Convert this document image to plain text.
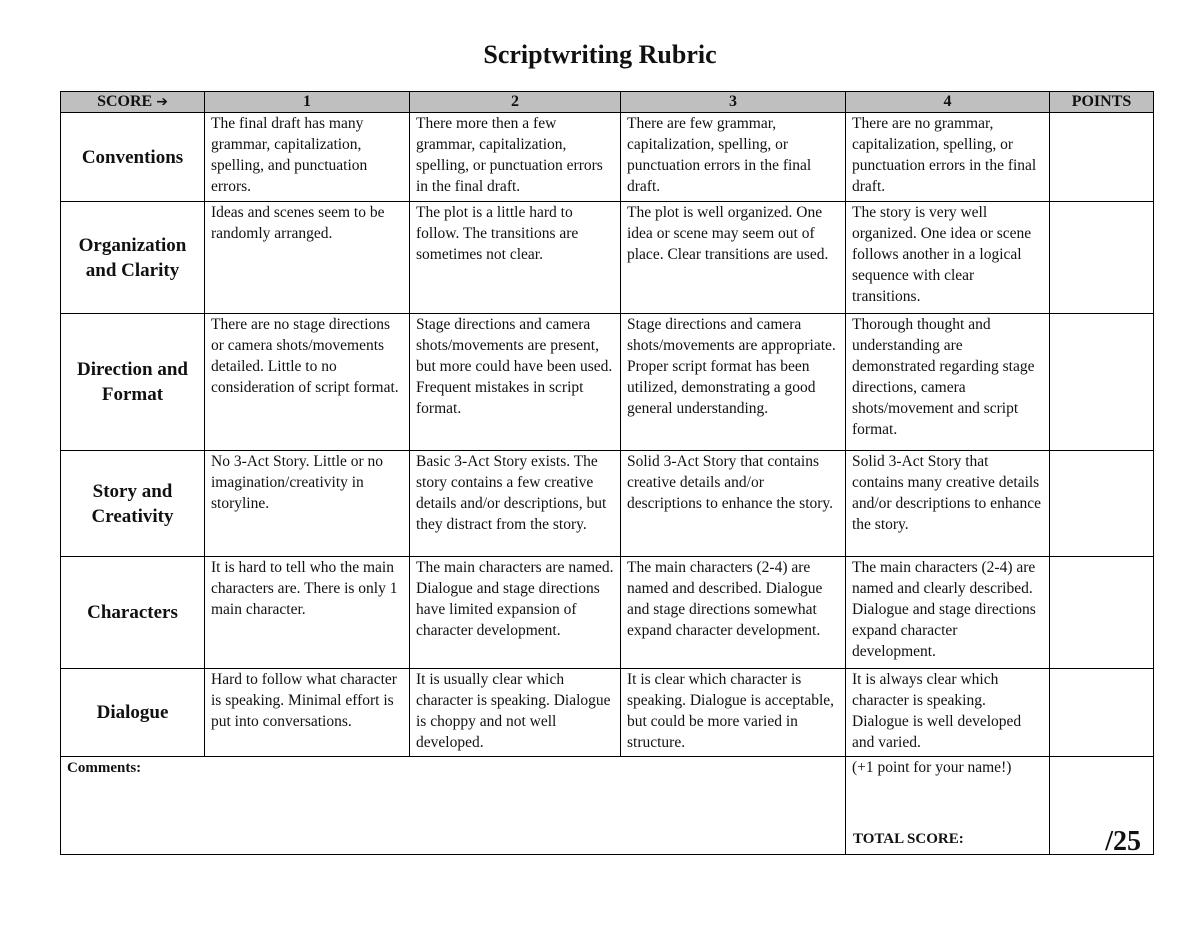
Scriptwriting Rubric
SCORE ➔	1	2	3	4	POINTS
Conventions	The final draft has many grammar, capitalization, spelling, and punctuation errors.	There more then a few grammar, capitalization, spelling, or punctuation errors in the final draft.	There are few grammar, capitalization, spelling, or punctuation errors in the final draft.	There are no grammar, capitalization, spelling, or punctuation errors in the final draft.	
Organization and Clarity	Ideas and scenes seem to be randomly arranged.	The plot is a little hard to follow. The transitions are sometimes not clear.	The plot is well organized. One idea or scene may seem out of place. Clear transitions are used.	The story is very well organized. One idea or scene follows another in a logical sequence with clear transitions.	
Direction and Format	There are no stage directions or camera shots/movements detailed. Little to no consideration of script format.	Stage directions and camera shots/movements are present, but more could have been used. Frequent mistakes in script format.	Stage directions and camera shots/movements are appropriate. Proper script format has been utilized, demonstrating a good general understanding.	Thorough thought and understanding are demonstrated regarding stage directions, camera shots/movement and script format.	
Story and Creativity	No 3-Act Story. Little or no imagination/creativity in storyline.	Basic 3-Act Story exists. The story contains a few creative details and/or descriptions, but they distract from the story.	Solid 3-Act Story that contains creative details and/or descriptions to enhance the story.	Solid 3-Act Story that contains many creative details and/or descriptions to enhance the story.	
Characters	It is hard to tell who the main characters are. There is only 1 main character.	The main characters are named. Dialogue and stage directions have limited expansion of character development.	The main characters (2-4) are named and described. Dialogue and stage directions somewhat expand character development.	The main characters (2-4) are named and clearly described. Dialogue and stage directions expand character development.	
Dialogue	Hard to follow what character is speaking. Minimal effort is put into conversations.	It is usually clear which character is speaking. Dialogue is choppy and not well developed.	It is clear which character is speaking. Dialogue is acceptable, but could be more varied in structure.	It is always clear which character is speaking. Dialogue is well developed and varied.	
Comments:				(+1 point for your name!)
TOTAL SCORE:	/25
